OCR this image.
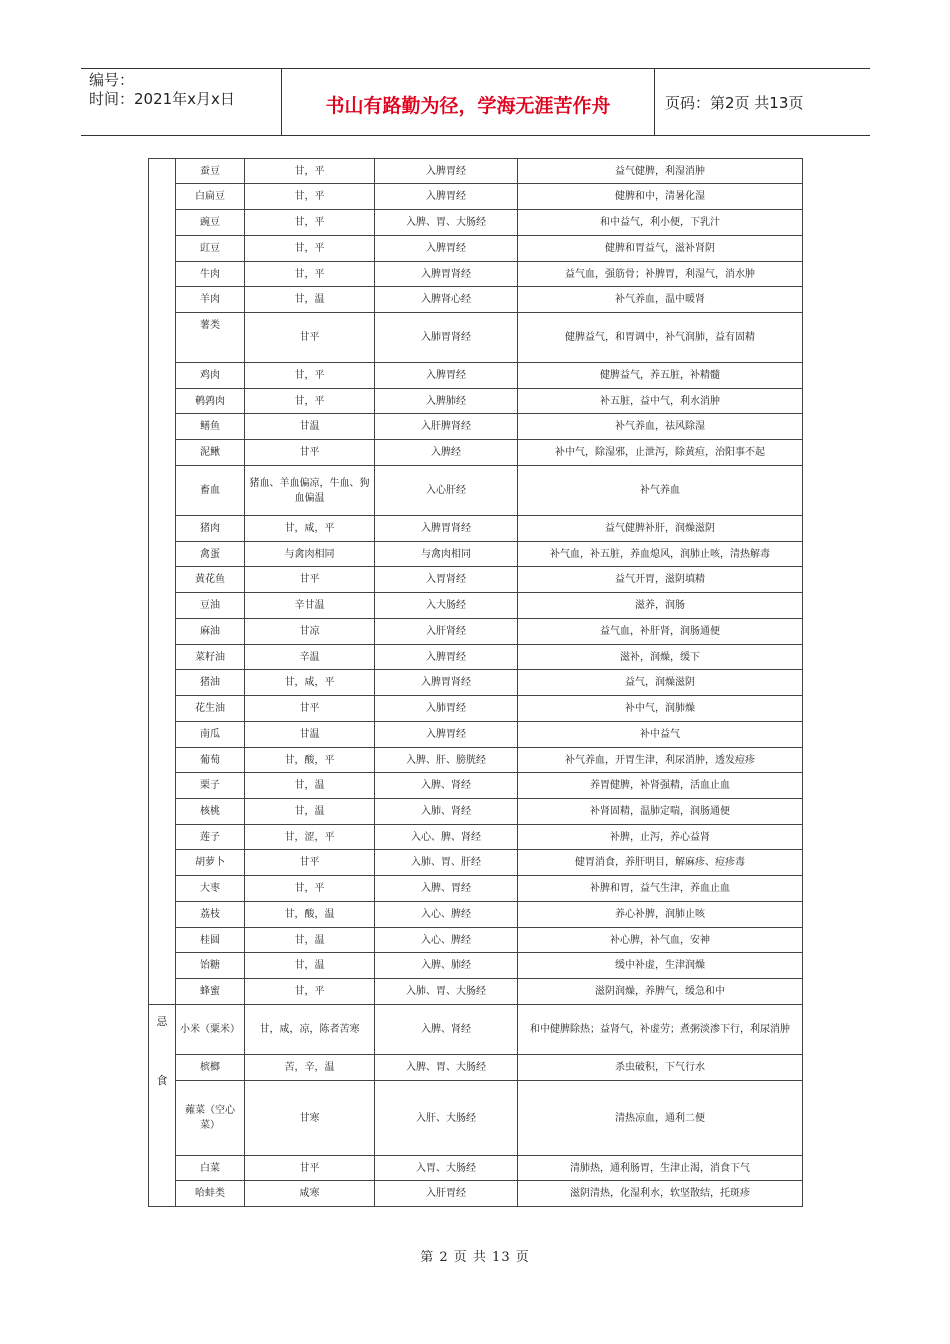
编号：
时间：2021年x月x日	书山有路勤为径，学海无涯苦作舟	页码：第2页 共13页
	蚕豆	甘，平	入脾胃经	益气健脾，利湿消肿
	白扁豆	甘，平	入脾胃经	健脾和中，清暑化湿
	豌豆	甘，平	入脾、胃、大肠经	和中益气，利小便，下乳汁
	豇豆	甘，平	入脾胃经	健脾和胃益气，滋补肾阴
	牛肉	甘，平	入脾胃肾经	益气血，强筋骨；补脾胃，利湿气，消水肿
	羊肉	甘，温	入脾肾心经	补气养血，温中暖肾
	薯类	甘平	入肺胃肾经	健脾益气，和胃调中，补气润肺，益有固精
	鸡肉	甘，平	入脾胃经	健脾益气，养五脏，补精髓
	鹌鹑肉	甘，平	入脾肺经	补五脏，益中气，利水消肿
	鳝鱼	甘温	入肝脾肾经	补气养血，祛风除湿
	泥鳅	甘平	入脾经	补中气，除湿邪，止泄泻，除黄疸，治阳事不起
	畜血	猪血、羊血偏凉，牛血、狗血偏温	入心肝经	补气养血
	猪肉	甘，咸，平	入脾胃肾经	益气健脾补肝，润燥滋阴
	禽蛋	与禽肉相同	与禽肉相同	补气血，补五脏，养血熄风，润肺止咳，清热解毒
	黄花鱼	甘平	入胃肾经	益气开胃，滋阴填精
	豆油	辛甘温	入大肠经	滋养，润肠
	麻油	甘凉	入肝肾经	益气血，补肝肾，润肠通便
	菜籽油	辛温	入脾胃经	滋补，润燥，缓下
	猪油	甘，咸，平	入脾胃肾经	益气，润燥滋阴
	花生油	甘平	入肺胃经	补中气，润肺燥
	南瓜	甘温	入脾胃经	补中益气
	葡萄	甘，酸，平	入脾、肝、膀胱经	补气养血，开胃生津，利尿消肿，透发痘疹
	栗子	甘，温	入脾、肾经	养胃健脾，补肾强精，活血止血
	核桃	甘，温	入肺、肾经	补肾固精，温肺定喘，润肠通便
	莲子	甘，涩，平	入心、脾、肾经	补脾，止泻，养心益肾
	胡萝卜	甘平	入肺、胃、肝经	健胃消食，养肝明目，解麻疹、痘疹毒
	大枣	甘，平	入脾、胃经	补脾和胃，益气生津，养血止血
	荔枝	甘，酸，温	入心、脾经	养心补脾，润肺止咳
	桂圆	甘，温	入心、脾经	补心脾，补气血，安神
	饴糖	甘，温	入脾、肺经	缓中补虚，生津润燥
	蜂蜜	甘，平	入肺、胃、大肠经	滋阴润燥，养脾气，缓急和中

忌
食	小米（粟米）	甘，咸，凉，陈者苦寒	入脾、肾经	和中健脾除热；益肾气，补虚劳；煮粥淡渗下行，利尿消肿
	槟榔	苦，辛，温	入脾、胃、大肠经	杀虫破积，下气行水
	蕹菜（空心菜）	甘寒	入肝、大肠经	清热凉血，通利二便
	白菜	甘平	入胃、大肠经	清肺热，通利肠胃，生津止渴，消食下气
	哈蚌类	咸寒	入肝胃经	滋阴清热，化湿利水，软坚散结，托斑疹
第 2 页 共 13 页
